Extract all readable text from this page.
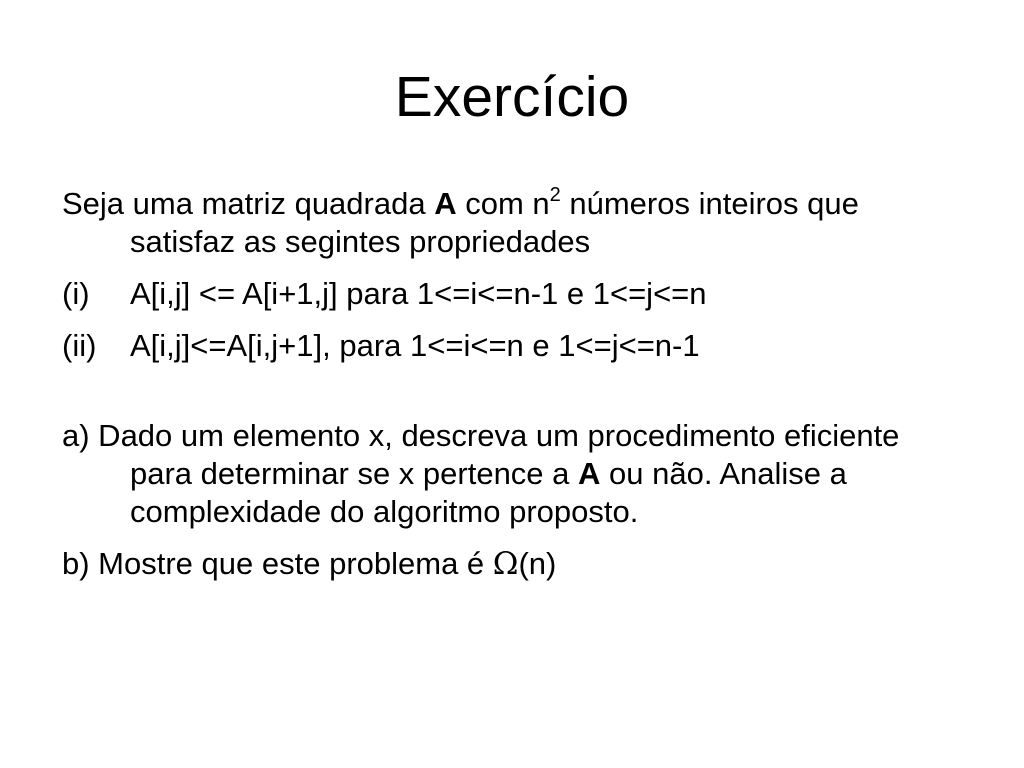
Exercício

Seja uma matriz quadrada A com $n^2$ números inteiros que satisfaz as segintes propriedades

(i)	A[i,j] <= A[i+1,j] para 1<=i<=n-1 e 1<=j<=n
(ii)	A[i,j]<=A[i,j+1], para 1<=i<=n e 1<=j<=n-1

a) Dado um elemento x, descreva um procedimento eficiente para determinar se x pertence a A ou não. Analise a complexidade do algoritmo proposto.

b) Mostre que este problema é Ω(n)
